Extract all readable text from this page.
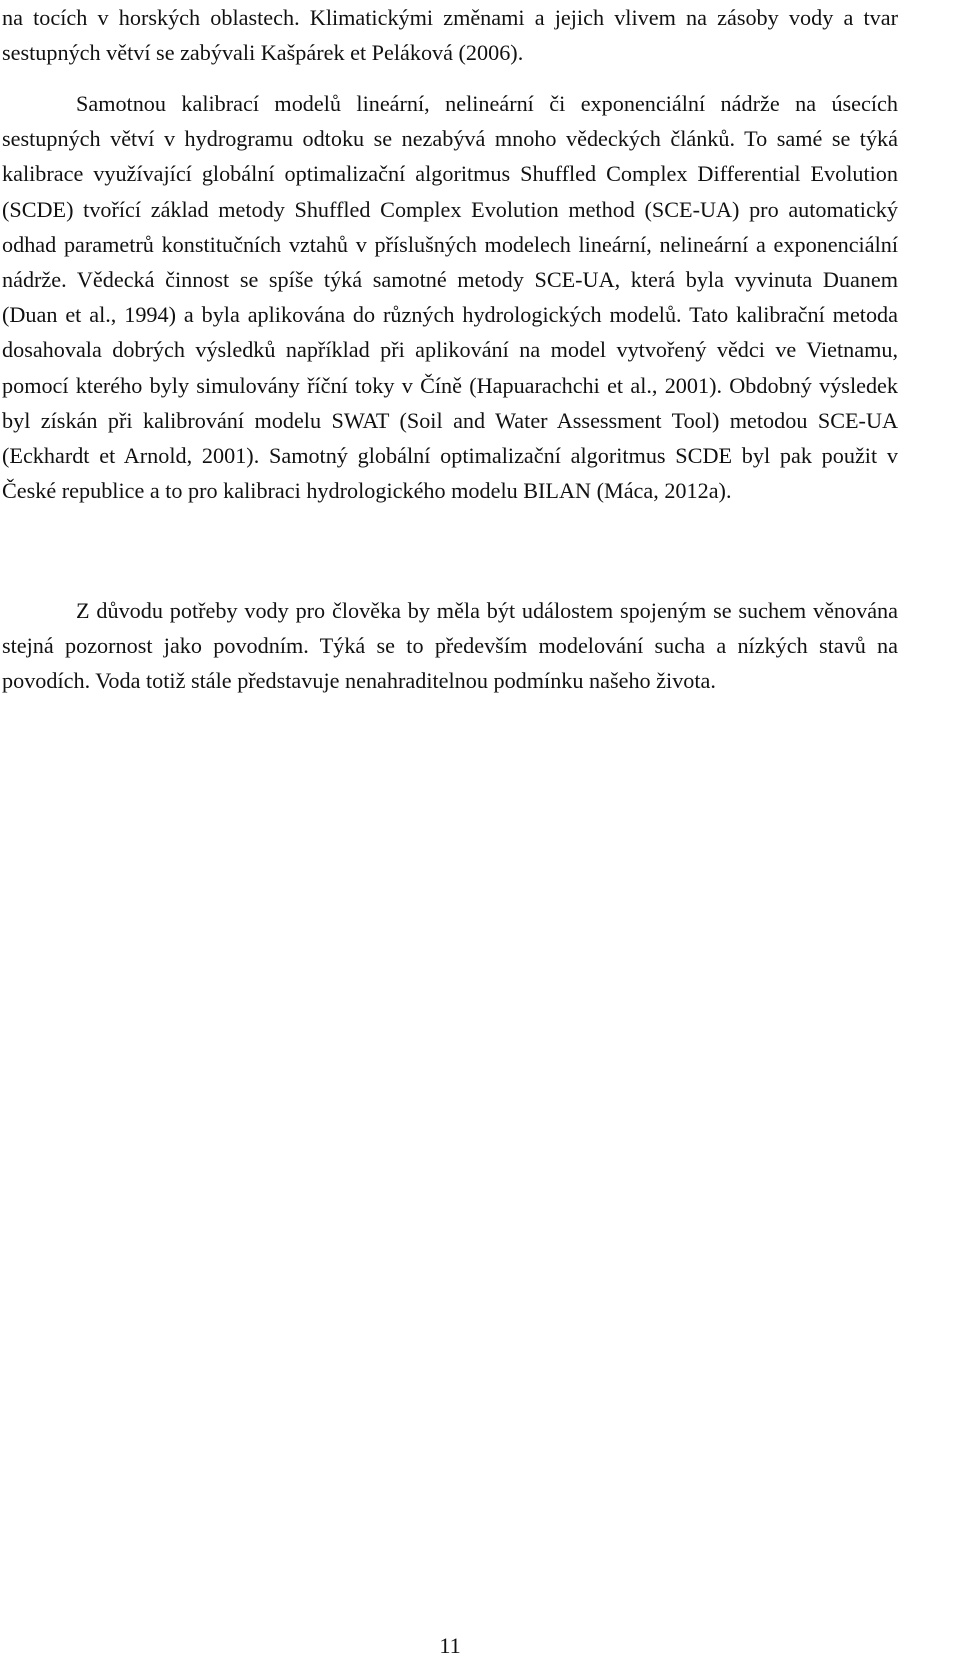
na tocích v horských oblastech. Klimatickými změnami a jejich vlivem na zásoby vody a tvar sestupných větví se zabývali Kašpárek et Peláková (2006).

Samotnou kalibrací modelů lineární, nelineární či exponenciální nádrže na úsecích sestupných větví v hydrogramu odtoku se nezabývá mnoho vědeckých článků. To samé se týká kalibrace využívající globální optimalizační algoritmus Shuffled Complex Differential Evolution (SCDE) tvořící základ metody Shuffled Complex Evolution method (SCE-UA) pro automatický odhad parametrů konstitučních vztahů v příslušných modelech lineární, nelineární a exponenciální nádrže. Vědecká činnost se spíše týká samotné metody SCE-UA, která byla vyvinuta Duanem (Duan et al., 1994) a byla aplikována do různých hydrologických modelů. Tato kalibrační metoda dosahovala dobrých výsledků například při aplikování na model vytvořený vědci ve Vietnamu, pomocí kterého byly simulovány říční toky v Číně (Hapuarachchi et al., 2001). Obdobný výsledek byl získán při kalibrování modelu SWAT (Soil and Water Assessment Tool) metodou SCE-UA (Eckhardt et Arnold, 2001). Samotný globální optimalizační algoritmus SCDE byl pak použit v České republice a to pro kalibraci hydrologického modelu BILAN (Máca, 2012a).

Z důvodu potřeby vody pro člověka by měla být událostem spojeným se suchem věnována stejná pozornost jako povodním. Týká se to především modelování sucha a nízkých stavů na povodích. Voda totiž stále představuje nenahraditelnou podmínku našeho života.

11
